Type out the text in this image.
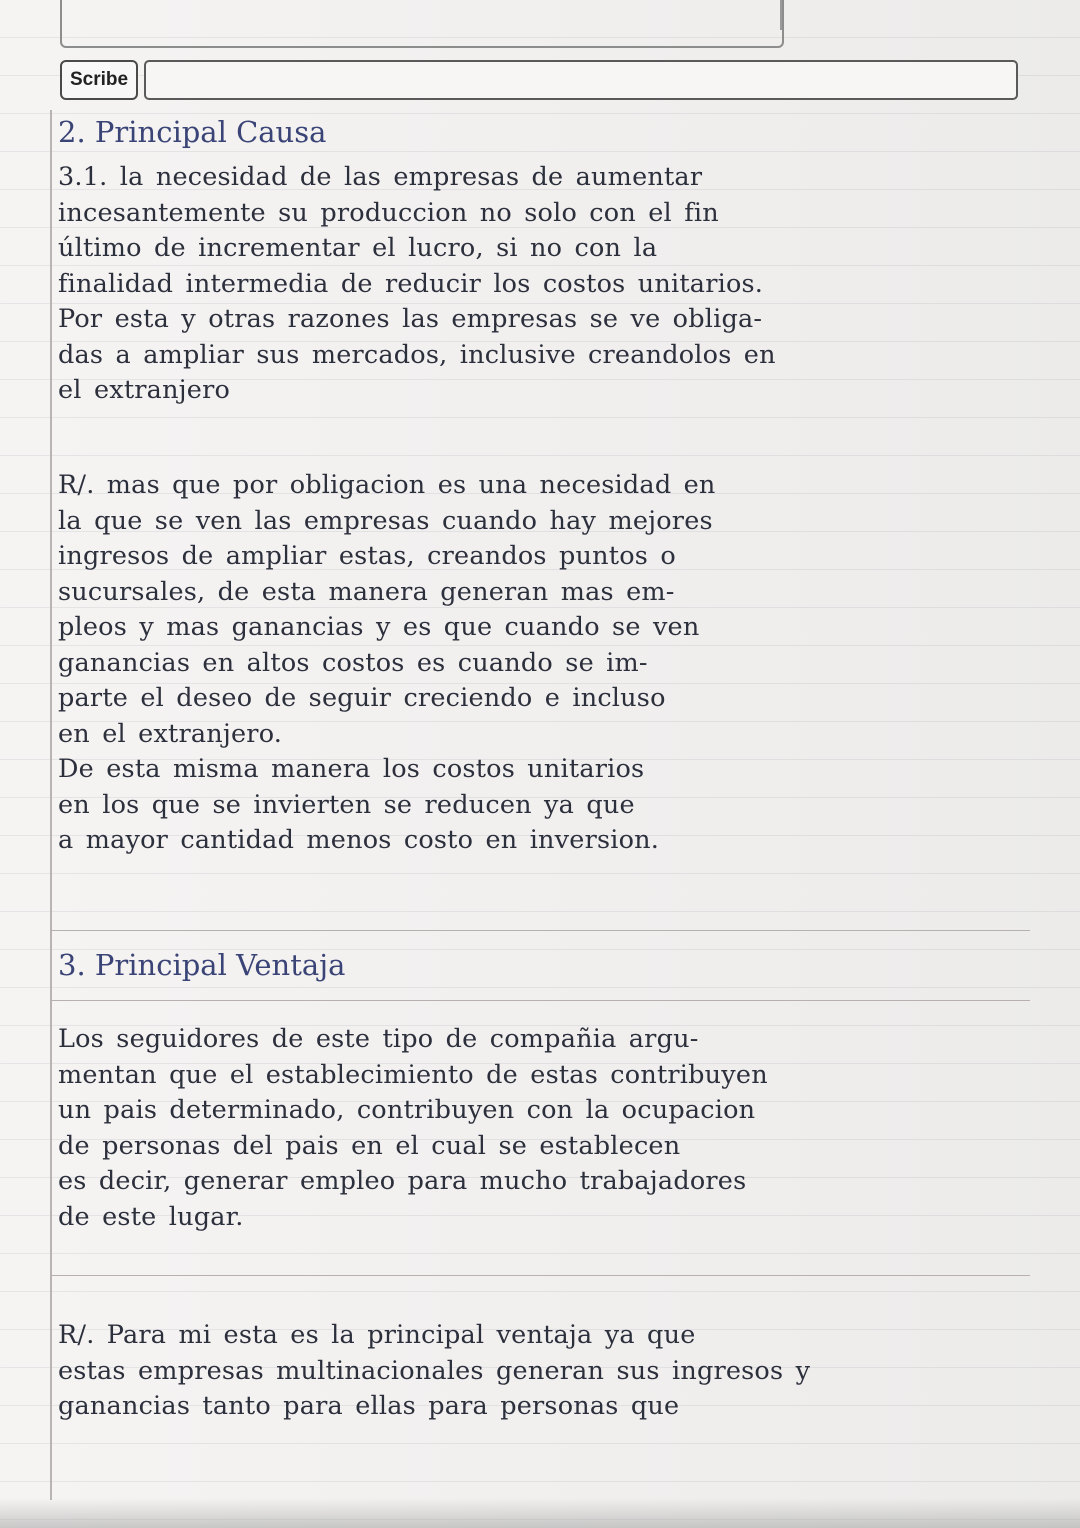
Scribe
2. Principal Causa
3.1. la necesidad de las empresas de aumentar
incesantemente su produccion no solo con el fin
último de incrementar el lucro, si no con la
finalidad intermedia de reducir los costos unitarios.
Por esta y otras razones las empresas se ve obliga-
das a ampliar sus mercados, inclusive creandolos en
el extranjero
R/. mas que por obligacion es una necesidad en
la que se ven las empresas cuando hay mejores
ingresos de ampliar estas, creandos puntos o
sucursales, de esta manera generan mas em-
pleos y mas ganancias y es que cuando se ven
ganancias en altos costos es cuando se im-
parte el deseo de seguir creciendo e incluso
en el extranjero.
De esta misma manera los costos unitarios
en los que se invierten se reducen ya que
a mayor cantidad menos costo en inversion.
3. Principal Ventaja
Los seguidores de este tipo de compañia argu-
mentan que el establecimiento de estas contribuyen
un pais determinado, contribuyen con la ocupacion
de personas del pais en el cual se establecen
es decir, generar empleo para mucho trabajadores
de este lugar.
R/. Para mi esta es la principal ventaja ya que
estas empresas multinacionales generan sus ingresos y
ganancias tanto para ellas para personas que
